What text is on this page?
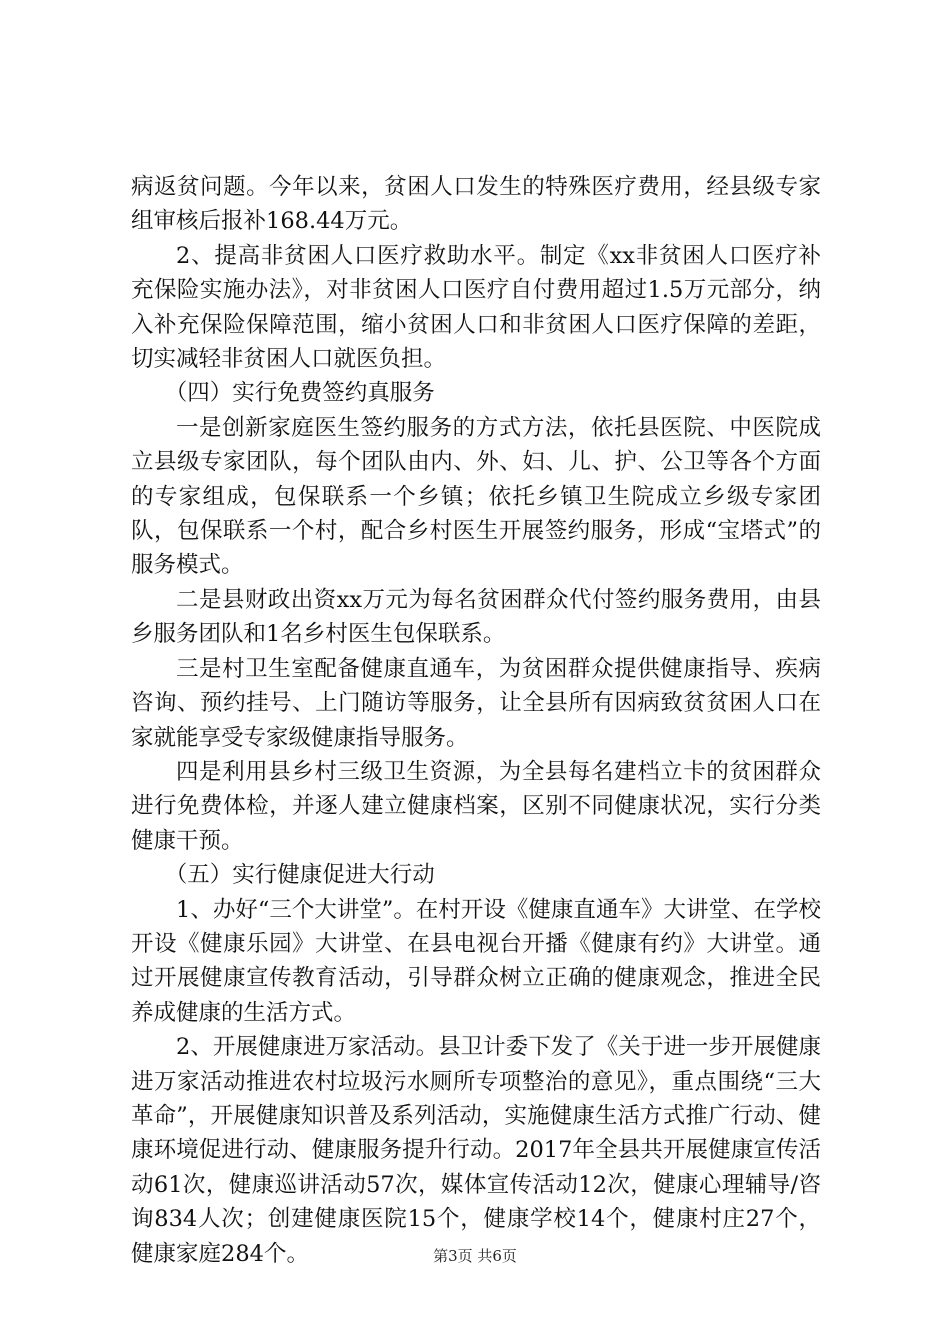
病返贫问题。今年以来，贫困人口发生的特殊医疗费用，经县级专家组审核后报补168.44万元。

2、提高非贫困人口医疗救助水平。制定《xx非贫困人口医疗补充保险实施办法》，对非贫困人口医疗自付费用超过1.5万元部分，纳入补充保险保障范围，缩小贫困人口和非贫困人口医疗保障的差距，切实减轻非贫困人口就医负担。

（四）实行免费签约真服务

一是创新家庭医生签约服务的方式方法，依托县医院、中医院成立县级专家团队，每个团队由内、外、妇、儿、护、公卫等各个方面的专家组成，包保联系一个乡镇；依托乡镇卫生院成立乡级专家团队，包保联系一个村，配合乡村医生开展签约服务，形成“宝塔式”的服务模式。

二是县财政出资xx万元为每名贫困群众代付签约服务费用，由县乡服务团队和1名乡村医生包保联系。

三是村卫生室配备健康直通车，为贫困群众提供健康指导、疾病咨询、预约挂号、上门随访等服务，让全县所有因病致贫贫困人口在家就能享受专家级健康指导服务。

四是利用县乡村三级卫生资源，为全县每名建档立卡的贫困群众进行免费体检，并逐人建立健康档案，区别不同健康状况，实行分类健康干预。

（五）实行健康促进大行动

1、办好“三个大讲堂”。在村开设《健康直通车》大讲堂、在学校开设《健康乐园》大讲堂、在县电视台开播《健康有约》大讲堂。通过开展健康宣传教育活动，引导群众树立正确的健康观念，推进全民养成健康的生活方式。

2、开展健康进万家活动。县卫计委下发了《关于进一步开展健康进万家活动推进农村垃圾污水厕所专项整治的意见》，重点围绕“三大革命”，开展健康知识普及系列活动，实施健康生活方式推广行动、健康环境促进行动、健康服务提升行动。2017年全县共开展健康宣传活动61次，健康巡讲活动57次，媒体宣传活动12次，健康心理辅导/咨询834人次；创建健康医院15个，健康学校14个，健康村庄27个，健康家庭284个。	第3页 共6页
